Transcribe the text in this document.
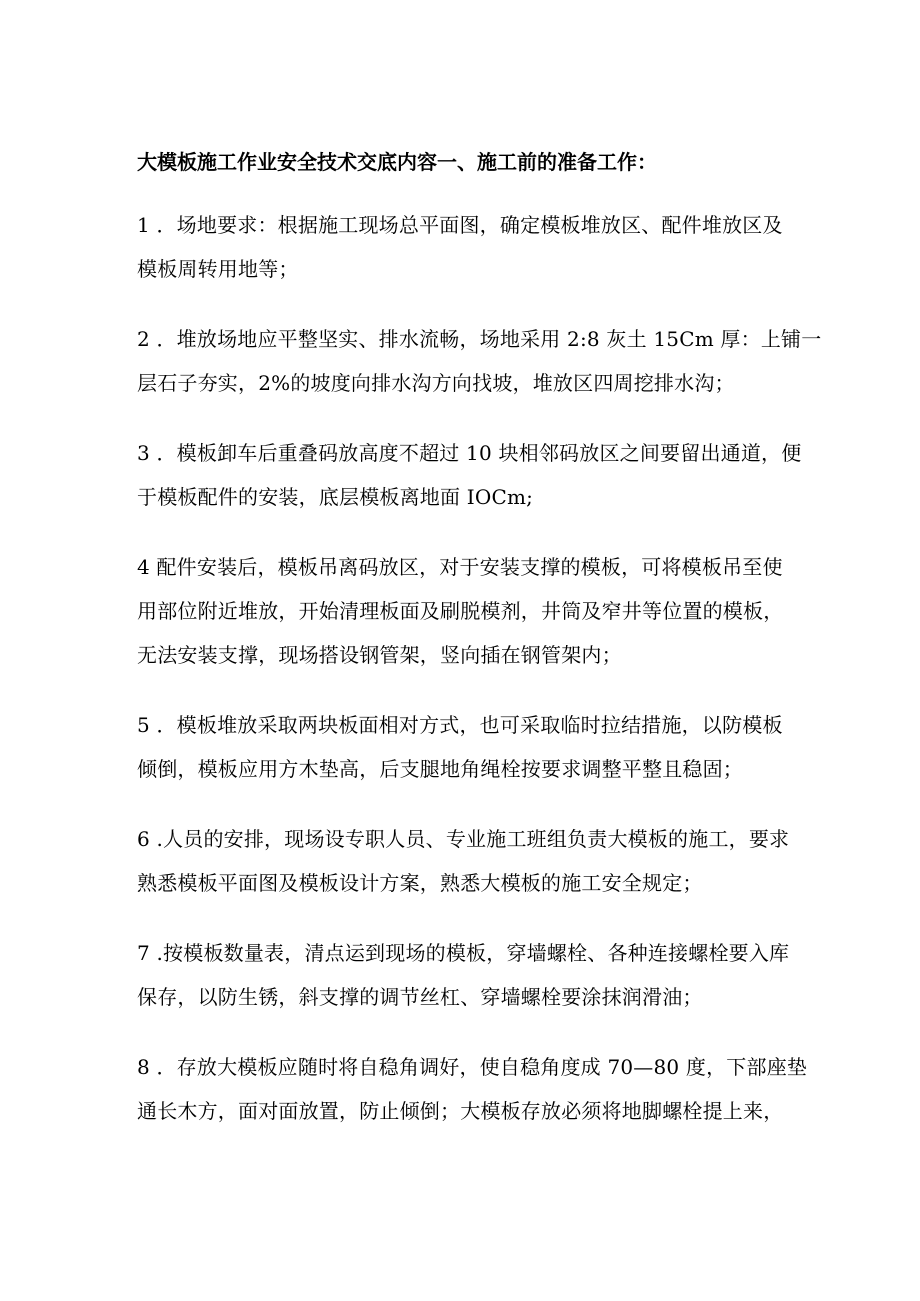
大模板施工作业安全技术交底内容一、施工前的准备工作：
1 ．场地要求：根据施工现场总平面图，确定模板堆放区、配件堆放区及
模板周转用地等；
2 ．堆放场地应平整坚实、排水流畅，场地采用 2:8 灰土 15Cm 厚：上铺一
层石子夯实，2%的坡度向排水沟方向找坡，堆放区四周挖排水沟；
3 ．模板卸车后重叠码放高度不超过 10 块相邻码放区之间要留出通道，便
于模板配件的安装，底层模板离地面 IOCm;
4 配件安装后，模板吊离码放区，对于安装支撑的模板，可将模板吊至使
用部位附近堆放，开始清理板面及刷脱模剂，井筒及窄井等位置的模板，
无法安装支撑，现场搭设钢管架，竖向插在钢管架内；
5 ．模板堆放采取两块板面相对方式，也可采取临时拉结措施，以防模板
倾倒，模板应用方木垫高，后支腿地角绳栓按要求调整平整且稳固；
6 .人员的安排，现场设专职人员、专业施工班组负责大模板的施工，要求
熟悉模板平面图及模板设计方案，熟悉大模板的施工安全规定；
7 .按模板数量表，清点运到现场的模板，穿墙螺栓、各种连接螺栓要入库
保存，以防生锈，斜支撑的调节丝杠、穿墙螺栓要涂抹润滑油；
8 ．存放大模板应随时将自稳角调好，使自稳角度成 70—80 度，下部座垫
通长木方，面对面放置，防止倾倒；大模板存放必须将地脚螺栓提上来，
